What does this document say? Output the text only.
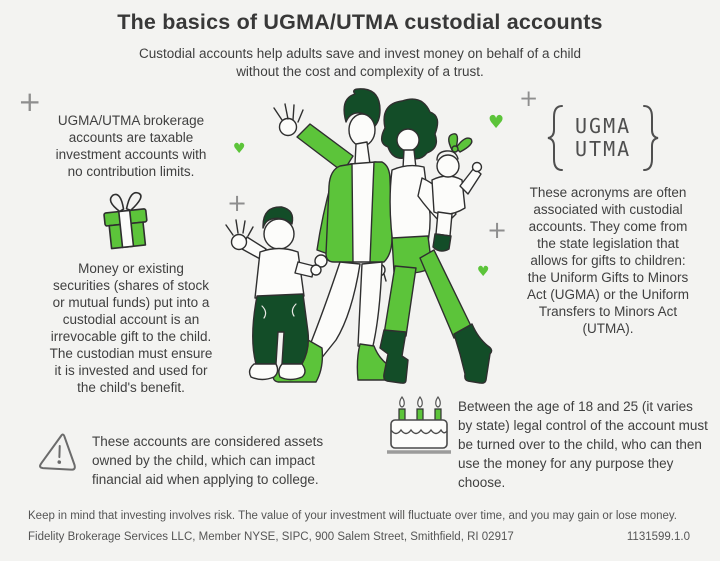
The basics of UGMA/UTMA custodial accounts

Custodial accounts help adults save and invest money on behalf of a child without the cost and complexity of a trust.

+
+
+
+
♥
♥
♥

UGMA/UTMA brokerage accounts are taxable investment accounts with no contribution limits.

Money or existing securities (shares of stock or mutual funds) put into a custodial account is an irrevocable gift to the child. The custodian must ensure it is invested and used for the child's benefit.

UGMA
UTMA

These acronyms are often associated with custodial accounts. They come from the state legislation that allows for gifts to children: the Uniform Gifts to Minors Act (UGMA) or the Uniform Transfers to Minors Act (UTMA).

These accounts are considered assets owned by the child, which can impact financial aid when applying to college.

Between the age of 18 and 25 (it varies by state) legal control of the account must be turned over to the child, who can then use the money for any purpose they choose.

Keep in mind that investing involves risk. The value of your investment will fluctuate over time, and you may gain or lose money.

Fidelity Brokerage Services LLC, Member NYSE, SIPC, 900 Salem Street, Smithfield, RI 02917	1131599.1.0
